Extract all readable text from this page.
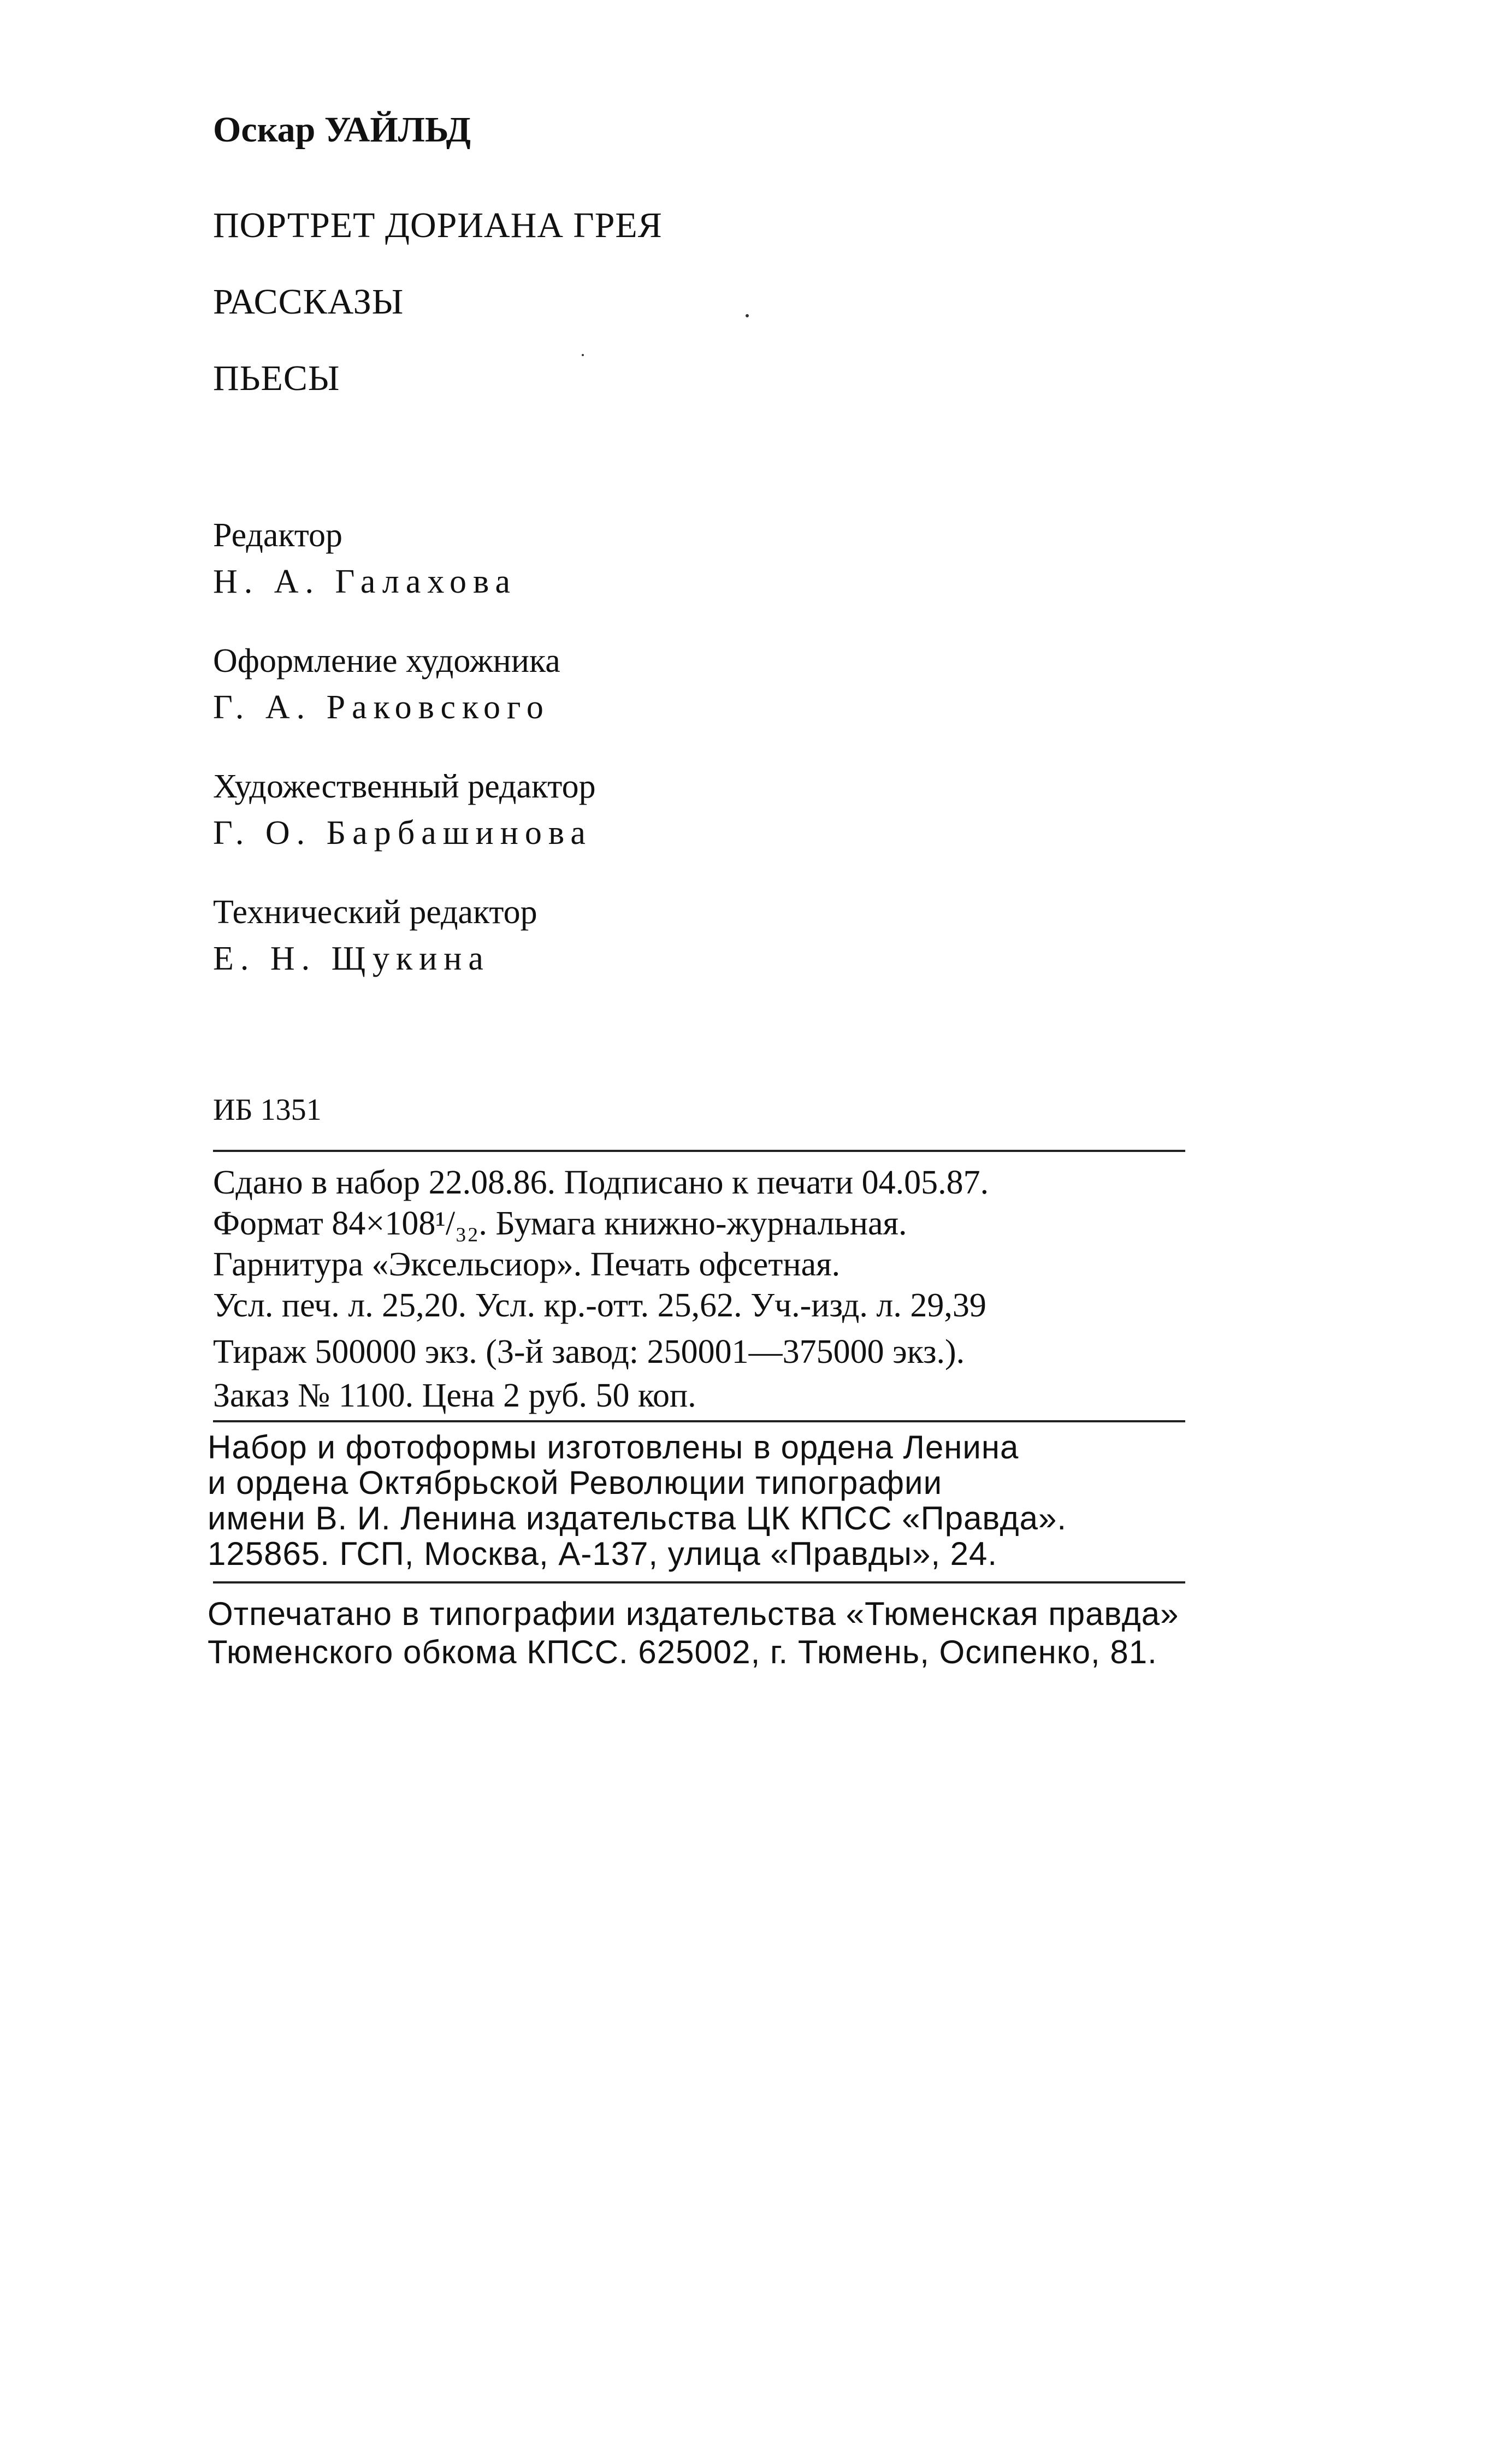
Оскар УАЙЛЬД
ПОРТРЕТ ДОРИАНА ГРЕЯ
РАССКАЗЫ
ПЬЕСЫ
Редактор
Н. А. Галахова
Оформление художника
Г. А. Раковского
Художественный редактор
Г. О. Барбашинова
Технический редактор
Е. Н. Щукина
ИБ 1351
Сдано в набор 22.08.86. Подписано к печати 04.05.87.
Формат 84×108¹/₃₂. Бумага книжно-журнальная.
Гарнитура «Эксельсиор». Печать офсетная.
Усл. печ. л. 25,20. Усл. кр.-отт. 25,62. Уч.-изд. л. 29,39
Тираж 500000 экз. (3-й завод: 250001—375000 экз.).
Заказ № 1100. Цена 2 руб. 50 коп.
Набор и фотоформы изготовлены в ордена Ленина
и ордена Октябрьской Революции типографии
имени В. И. Ленина издательства ЦК КПСС «Правда».
125865. ГСП, Москва, А-137, улица «Правды», 24.
Отпечатано в типографии издательства «Тюменская правда»
Тюменского обкома КПСС. 625002, г. Тюмень, Осипенко, 81.
